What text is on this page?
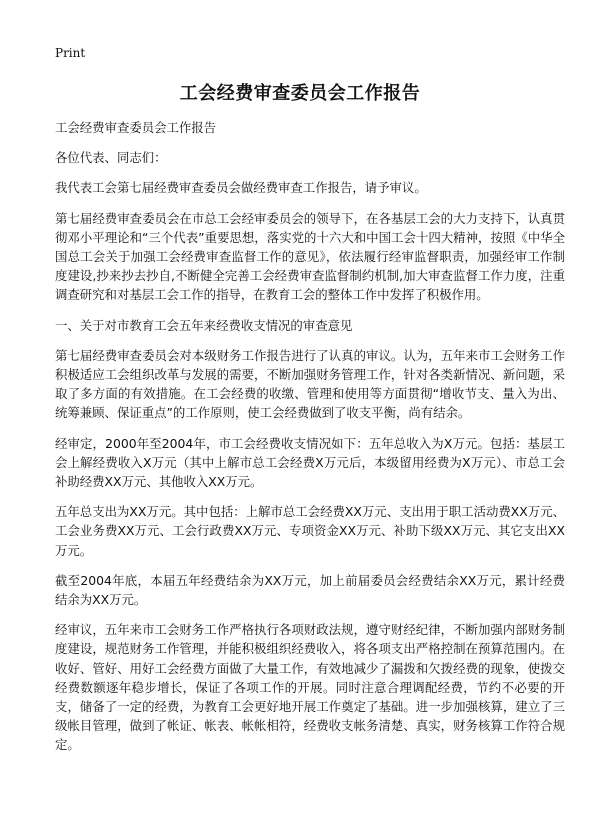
Print
工会经费审查委员会工作报告

工会经费审查委员会工作报告

各位代表、同志们：

我代表工会第七届经费审查委员会做经费审查工作报告，请予审议。

第七届经费审查委员会在市总工会经审委员会的领导下，在各基层工会的大力支持下，认真贯彻邓小平理论和“三个代表”重要思想，落实党的十六大和中国工会十四大精神，按照《中华全国总工会关于加强工会经费审查监督工作的意见》，依法履行经审监督职责，加强经审工作制度建设,抄来抄去抄自,不断健全完善工会经费审查监督制约机制,加大审查监督工作力度，注重调查研究和对基层工会工作的指导，在教育工会的整体工作中发挥了积极作用。

一、关于对市教育工会五年来经费收支情况的审查意见

第七届经费审查委员会对本级财务工作报告进行了认真的审议。认为，五年来市工会财务工作积极适应工会组织改革与发展的需要，不断加强财务管理工作，针对各类新情况、新问题，采取了多方面的有效措施。在工会经费的收缴、管理和使用等方面贯彻“增收节支、量入为出、统筹兼顾、保证重点”的工作原则，使工会经费做到了收支平衡，尚有结余。

经审定，2000年至2004年，市工会经费收支情况如下：五年总收入为X万元。包括：基层工会上解经费收入X万元（其中上解市总工会经费X万元后，本级留用经费为X万元）、市总工会补助经费XX万元、其他收入XX万元。

五年总支出为XX万元。其中包括：上解市总工会经费XX万元、支出用于职工活动费XX万元、工会业务费XX万元、工会行政费XX万元、专项资金XX万元、补助下级XX万元、其它支出XX万元。

截至2004年底，本届五年经费结余为XX万元，加上前届委员会经费结余XX万元，累计经费结余为XX万元。

经审议，五年来市工会财务工作严格执行各项财政法规，遵守财经纪律，不断加强内部财务制度建设，规范财务工作管理，并能积极组织经费收入，将各项支出严格控制在预算范围内。在收好、管好、用好工会经费方面做了大量工作，有效地减少了漏拨和欠拨经费的现象，使拨交经费数额逐年稳步增长，保证了各项工作的开展。同时注意合理调配经费，节约不必要的开支，储备了一定的经费，为教育工会更好地开展工作奠定了基础。进一步加强核算，建立了三级帐目管理，做到了帐证、帐表、帐帐相符，经费收支帐务清楚、真实，财务核算工作符合规定。
